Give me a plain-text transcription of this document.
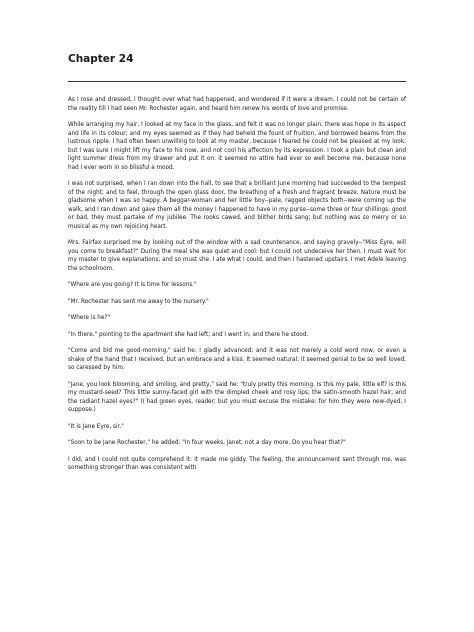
Chapter 24

As I rose and dressed, I thought over what had happened, and wondered if it were a dream. I could not be certain of the reality till I had seen Mr. Rochester again, and heard him renew his words of love and promise.

While arranging my hair, I looked at my face in the glass, and felt it was no longer plain: there was hope in its aspect and life in its colour; and my eyes seemed as if they had beheld the fount of fruition, and borrowed beams from the lustrous ripple. I had often been unwilling to look at my master, because I feared he could not be pleased at my look; but I was sure I might lift my face to his now, and not cool his affection by its expression. I took a plain but clean and light summer dress from my drawer and put it on: it seemed no attire had ever so well become me, because none had I ever worn in so blissful a mood.

I was not surprised, when I ran down into the hall, to see that a brilliant June morning had succeeded to the tempest of the night; and to feel, through the open glass door, the breathing of a fresh and fragrant breeze. Nature must be gladsome when I was so happy. A beggar-woman and her little boy--pale, ragged objects both--were coming up the walk, and I ran down and gave them all the money I happened to have in my purse--some three or four shillings: good or bad, they must partake of my jubilee. The rooks cawed, and blither birds sang; but nothing was so merry or so musical as my own rejoicing heart.

Mrs. Fairfax surprised me by looking out of the window with a sad countenance, and saying gravely--"Miss Eyre, will you come to breakfast?" During the meal she was quiet and cool: but I could not undeceive her then. I must wait for my master to give explanations; and so must she. I ate what I could, and then I hastened upstairs. I met Adele leaving the schoolroom.

"Where are you going? It is time for lessons."

"Mr. Rochester has sent me away to the nursery."

"Where is he?"

"In there," pointing to the apartment she had left; and I went in, and there he stood.

"Come and bid me good-morning," said he. I gladly advanced; and it was not merely a cold word now, or even a shake of the hand that I received, but an embrace and a kiss. It seemed natural: it seemed genial to be so well loved, so caressed by him.

"Jane, you look blooming, and smiling, and pretty," said he: "truly pretty this morning. Is this my pale, little elf? Is this my mustard-seed? This little sunny-faced girl with the dimpled cheek and rosy lips; the satin-smooth hazel hair, and the radiant hazel eyes?" (I had green eyes, reader; but you must excuse the mistake: for him they were new-dyed, I suppose.)

"It is Jane Eyre, sir."

"Soon to be Jane Rochester," he added: "In four weeks, Janet; not a day more. Do you hear that?"

I did, and I could not quite comprehend it: it made me giddy. The feeling, the announcement sent through me, was something stronger than was consistent with
